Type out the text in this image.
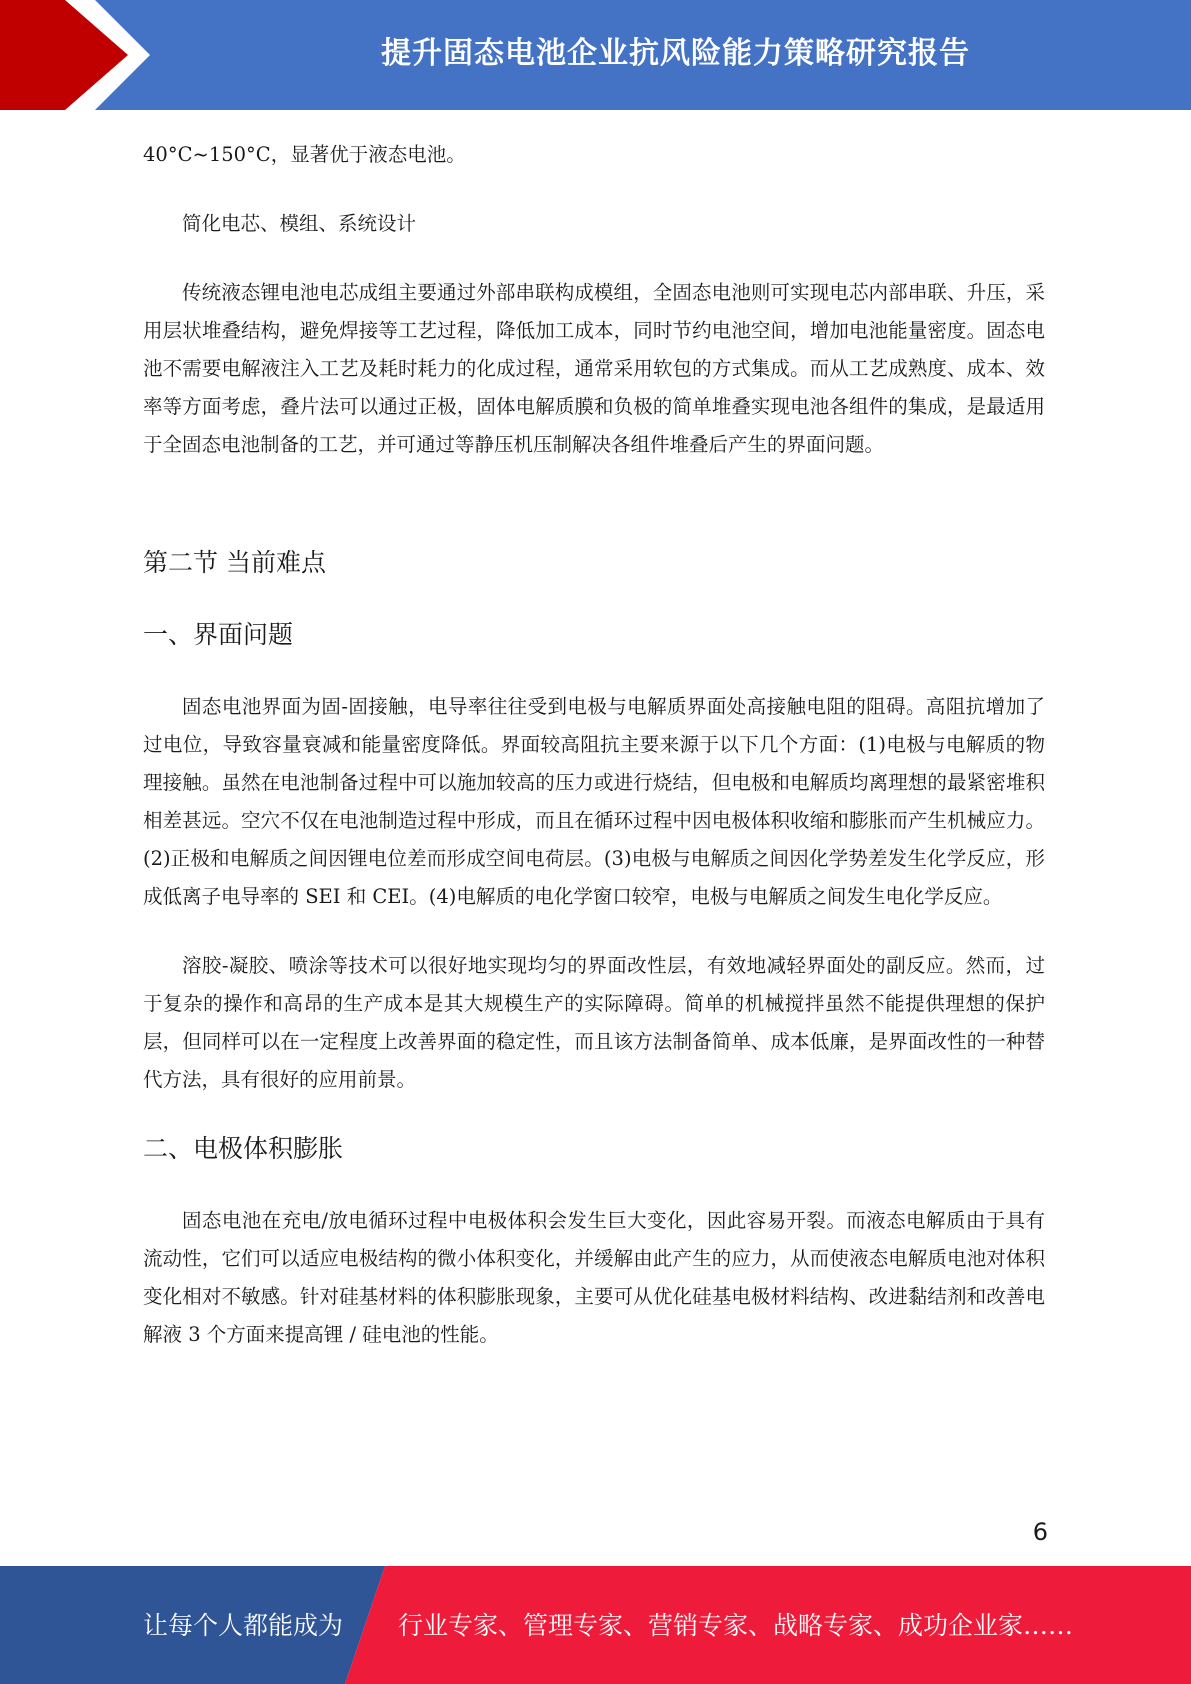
提升固态电池企业抗风险能力策略研究报告

40°C~150°C，显著优于液态电池。

简化电芯、模组、系统设计

传统液态锂电池电芯成组主要通过外部串联构成模组，全固态电池则可实现电芯内部串联、升压，采用层状堆叠结构，避免焊接等工艺过程，降低加工成本，同时节约电池空间，增加电池能量密度。固态电池不需要电解液注入工艺及耗时耗力的化成过程，通常采用软包的方式集成。而从工艺成熟度、成本、效率等方面考虑，叠片法可以通过正极，固体电解质膜和负极的简单堆叠实现电池各组件的集成，是最适用于全固态电池制备的工艺，并可通过等静压机压制解决各组件堆叠后产生的界面问题。

第二节 当前难点
一、界面问题

固态电池界面为固-固接触，电导率往往受到电极与电解质界面处高接触电阻的阻碍。高阻抗增加了过电位，导致容量衰减和能量密度降低。界面较高阻抗主要来源于以下几个方面：(1)电极与电解质的物理接触。虽然在电池制备过程中可以施加较高的压力或进行烧结，但电极和电解质均离理想的最紧密堆积相差甚远。空穴不仅在电池制造过程中形成，而且在循环过程中因电极体积收缩和膨胀而产生机械应力。(2)正极和电解质之间因锂电位差而形成空间电荷层。(3)电极与电解质之间因化学势差发生化学反应，形成低离子电导率的 SEI 和 CEI。(4)电解质的电化学窗口较窄，电极与电解质之间发生电化学反应。

溶胶-凝胶、喷涂等技术可以很好地实现均匀的界面改性层，有效地减轻界面处的副反应。然而，过于复杂的操作和高昂的生产成本是其大规模生产的实际障碍。简单的机械搅拌虽然不能提供理想的保护层，但同样可以在一定程度上改善界面的稳定性，而且该方法制备简单、成本低廉，是界面改性的一种替代方法，具有很好的应用前景。

二、电极体积膨胀

固态电池在充电/放电循环过程中电极体积会发生巨大变化，因此容易开裂。而液态电解质由于具有流动性，它们可以适应电极结构的微小体积变化，并缓解由此产生的应力，从而使液态电解质电池对体积变化相对不敏感。针对硅基材料的体积膨胀现象，主要可从优化硅基电极材料结构、改进黏结剂和改善电解液 3 个方面来提高锂 / 硅电池的性能。

6
让每个人都能成为 行业专家、管理专家、营销专家、战略专家、成功企业家……
